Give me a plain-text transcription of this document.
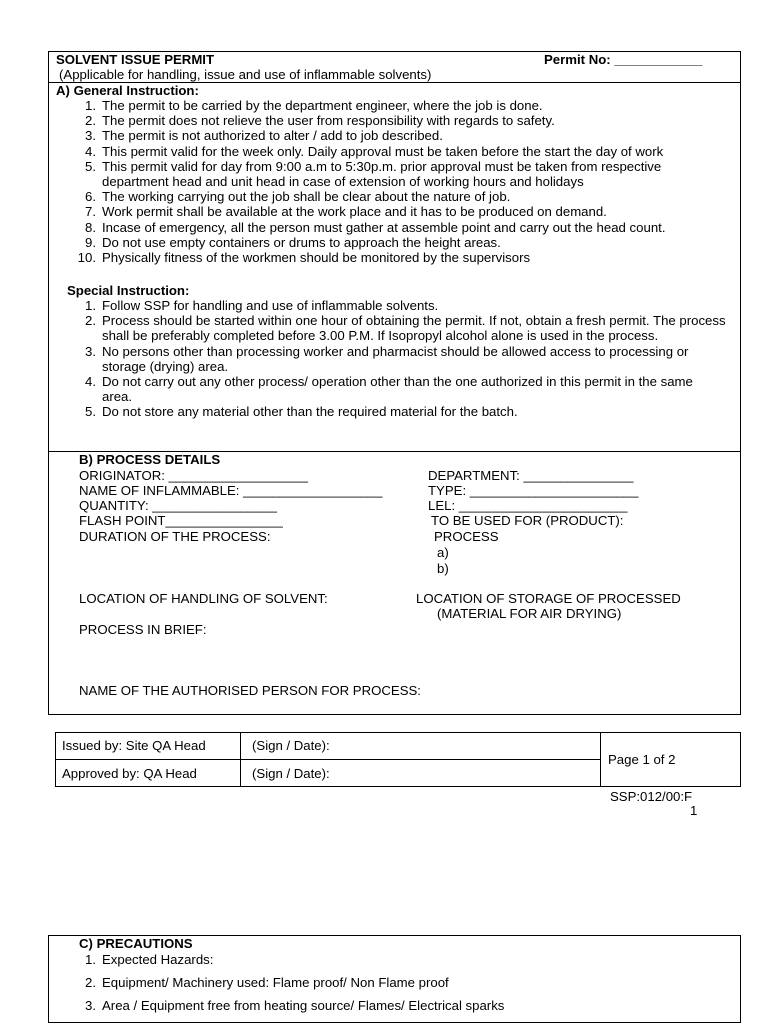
SOLVENT ISSUE PERMIT	Permit No: ____________
(Applicable for handling, issue and use of inflammable solvents)
A) General Instruction:
1. The permit to be carried by the department engineer, where the job is done.
2. The permit does not relieve the user from responsibility with regards to safety.
3. The permit is not authorized to alter / add to job described.
4. This permit valid for the week only. Daily approval must be taken before the start the day of work
5. This permit valid for day from 9:00 a.m to 5:30p.m. prior approval must be taken from respective department head and unit head in case of extension of working hours and holidays
6. The working carrying out the job shall be clear about the nature of job.
7. Work permit shall be available at the work place and it has to be produced on demand.
8. Incase of emergency, all the person must gather at assemble point and carry out the head count.
9. Do not use empty containers or drums to approach the height areas.
10. Physically fitness of the workmen should be monitored by the supervisors
Special Instruction:
1. Follow SSP for handling and use of inflammable solvents.
2. Process should be started within one hour of obtaining the permit. If not, obtain a fresh permit. The process shall be preferably completed before 3.00 P.M. If Isopropyl alcohol alone is used in the process.
3. No persons other than processing worker and pharmacist should be allowed access to processing or storage (drying) area.
4. Do not carry out any other process/ operation other than the one authorized in this permit in the same area.
5. Do not store any material other than the required material for the batch.
B) PROCESS DETAILS
ORIGINATOR: ___________________	DEPARTMENT: _______________
NAME OF INFLAMMABLE: ___________________	TYPE: _______________________
QUANTITY: _________________	LEL: _______________________
FLASH POINT________________	TO BE USED FOR (PRODUCT):
DURATION OF THE PROCESS:	PROCESS
a)
b)
LOCATION OF HANDLING OF SOLVENT:	LOCATION OF STORAGE OF PROCESSED
(MATERIAL FOR AIR DRYING)
PROCESS IN BRIEF:
NAME OF THE AUTHORISED PERSON FOR PROCESS:
Issued by: Site QA Head	(Sign / Date):
Approved by: QA Head	(Sign / Date):
Page 1 of 2
SSP:012/00:F
1
C) PRECAUTIONS
1. Expected Hazards:
2. Equipment/ Machinery used: Flame proof/ Non Flame proof
3. Area / Equipment free from heating source/ Flames/ Electrical sparks
